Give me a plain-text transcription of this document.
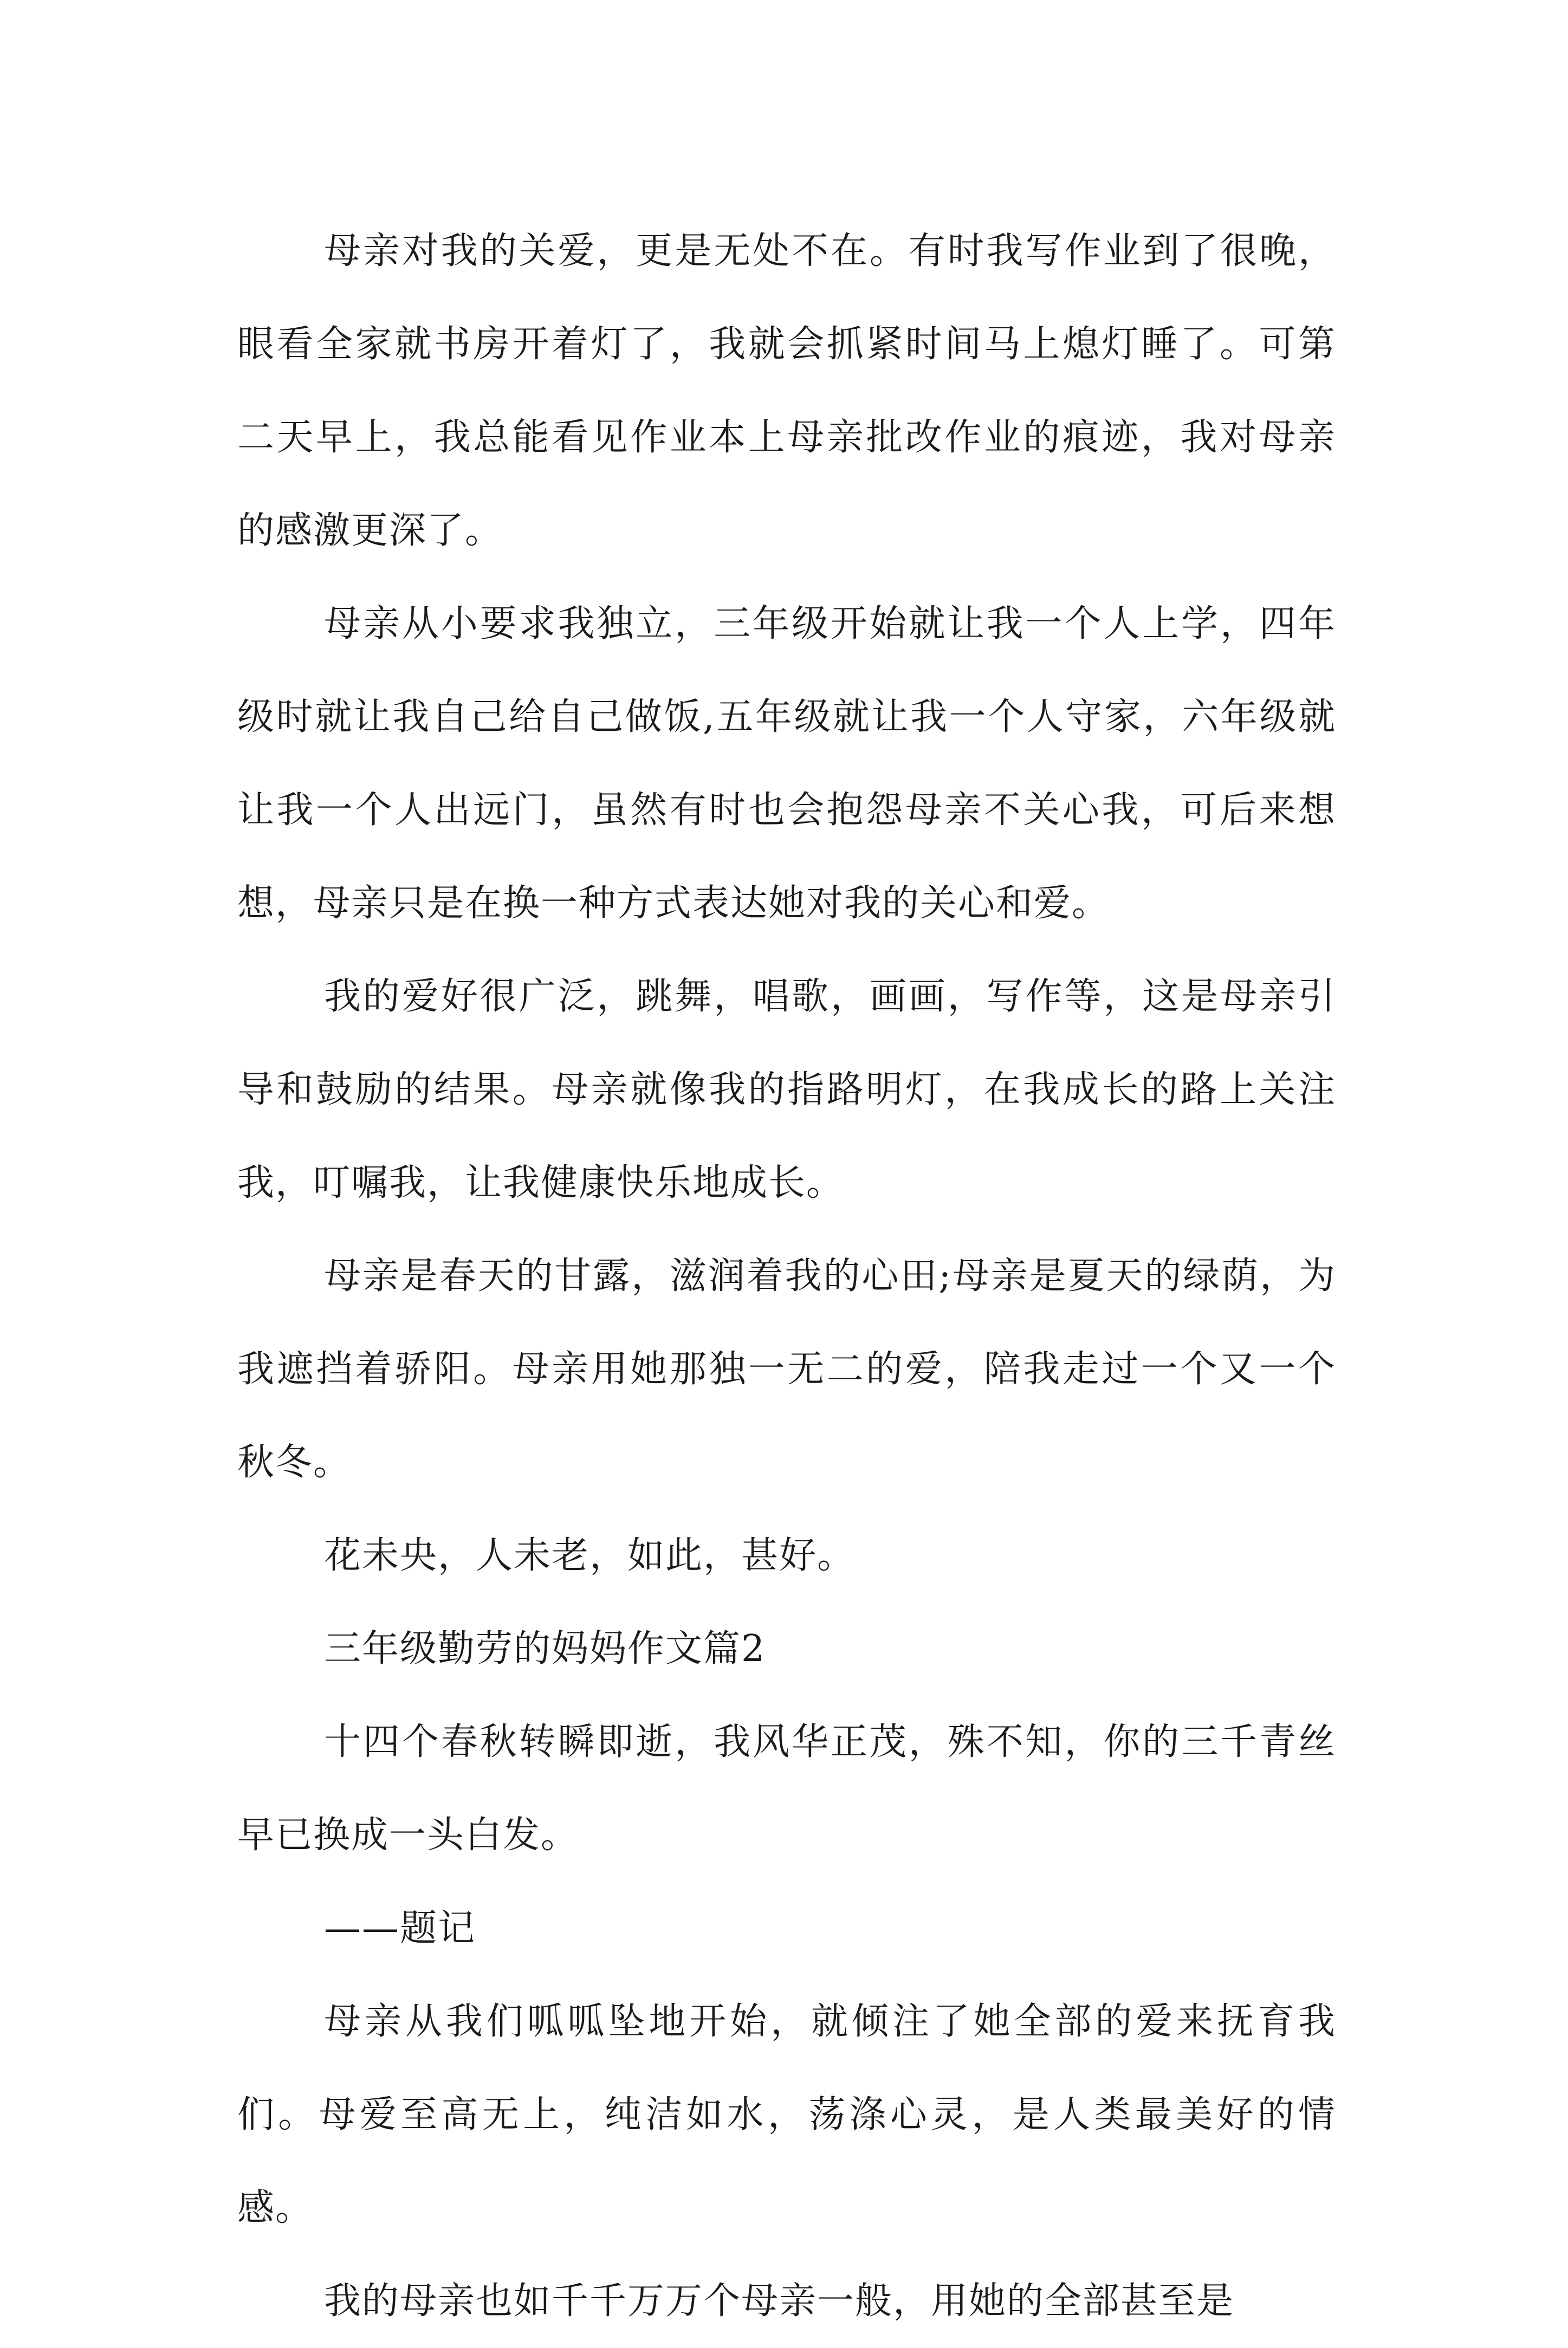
母亲对我的关爱，更是无处不在。有时我写作业到了很晚，眼看全家就书房开着灯了，我就会抓紧时间马上熄灯睡了。可第二天早上，我总能看见作业本上母亲批改作业的痕迹，我对母亲的感激更深了。

母亲从小要求我独立，三年级开始就让我一个人上学，四年级时就让我自己给自己做饭,五年级就让我一个人守家，六年级就让我一个人出远门，虽然有时也会抱怨母亲不关心我，可后来想想，母亲只是在换一种方式表达她对我的关心和爱。

我的爱好很广泛，跳舞，唱歌，画画，写作等，这是母亲引导和鼓励的结果。母亲就像我的指路明灯，在我成长的路上关注我，叮嘱我，让我健康快乐地成长。

母亲是春天的甘露，滋润着我的心田;母亲是夏天的绿荫，为我遮挡着骄阳。母亲用她那独一无二的爱，陪我走过一个又一个秋冬。

花未央，人未老，如此，甚好。

三年级勤劳的妈妈作文篇2

十四个春秋转瞬即逝，我风华正茂，殊不知，你的三千青丝早已换成一头白发。

——题记

母亲从我们呱呱坠地开始，就倾注了她全部的爱来抚育我们。母爱至高无上，纯洁如水，荡涤心灵，是人类最美好的情感。

我的母亲也如千千万万个母亲一般，用她的全部甚至是
